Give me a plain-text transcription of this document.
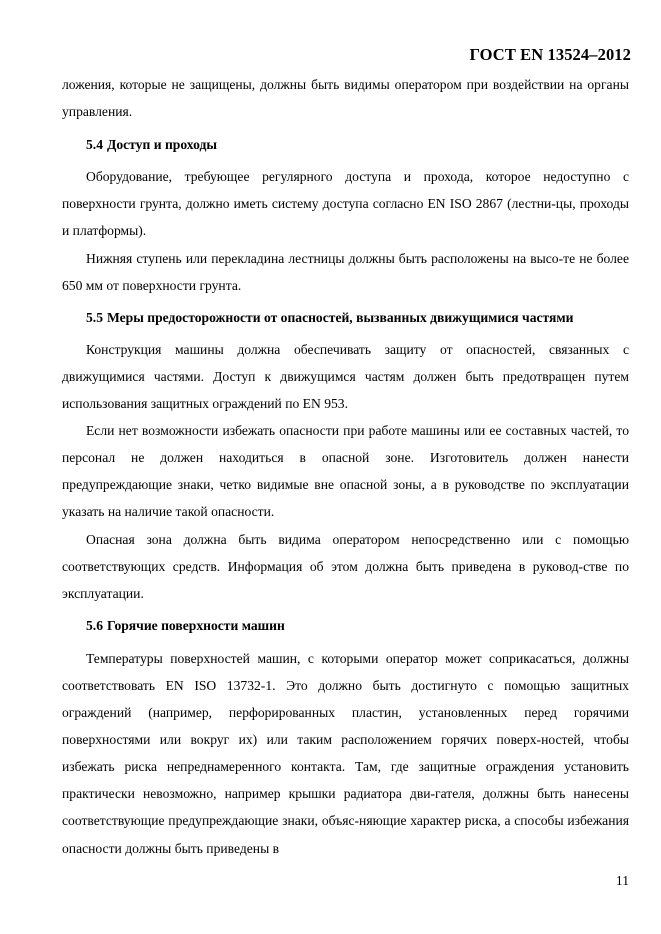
ГОСТ EN 13524–2012

ложения, которые не защищены, должны быть видимы оператором при воздействии на органы управления.

5.4 Доступ и проходы

Оборудование, требующее регулярного доступа и прохода, которое недоступно с поверхности грунта, должно иметь систему доступа согласно EN ISO 2867 (лестни-цы, проходы и платформы).

Нижняя ступень или перекладина лестницы должны быть расположены на высо-те не более 650 мм от поверхности грунта.

5.5 Меры предосторожности от опасностей, вызванных движущимися частями

Конструкция машины должна обеспечивать защиту от опасностей, связанных с движущимися частями. Доступ к движущимся частям должен быть предотвращен путем использования защитных ограждений по EN 953.

Если нет возможности избежать опасности при работе машины или ее составных частей, то персонал не должен находиться в опасной зоне. Изготовитель должен нанести предупреждающие знаки, четко видимые вне опасной зоны, а в руководстве по эксплуатации указать на наличие такой опасности.

Опасная зона должна быть видима оператором непосредственно или с помощью соответствующих средств. Информация об этом должна быть приведена в руковод-стве по эксплуатации.

5.6 Горячие поверхности машин

Температуры поверхностей машин, с которыми оператор может соприкасаться, должны соответствовать EN ISO 13732-1. Это должно быть достигнуто с помощью защитных ограждений (например, перфорированных пластин, установленных перед горячими поверхностями или вокруг их) или таким расположением горячих поверх-ностей, чтобы избежать риска непреднамеренного контакта. Там, где защитные ограждения установить практически невозможно, например крышки радиатора дви-гателя, должны быть нанесены соответствующие предупреждающие знаки, объяс-няющие характер риска, а способы избежания опасности должны быть приведены в

11
